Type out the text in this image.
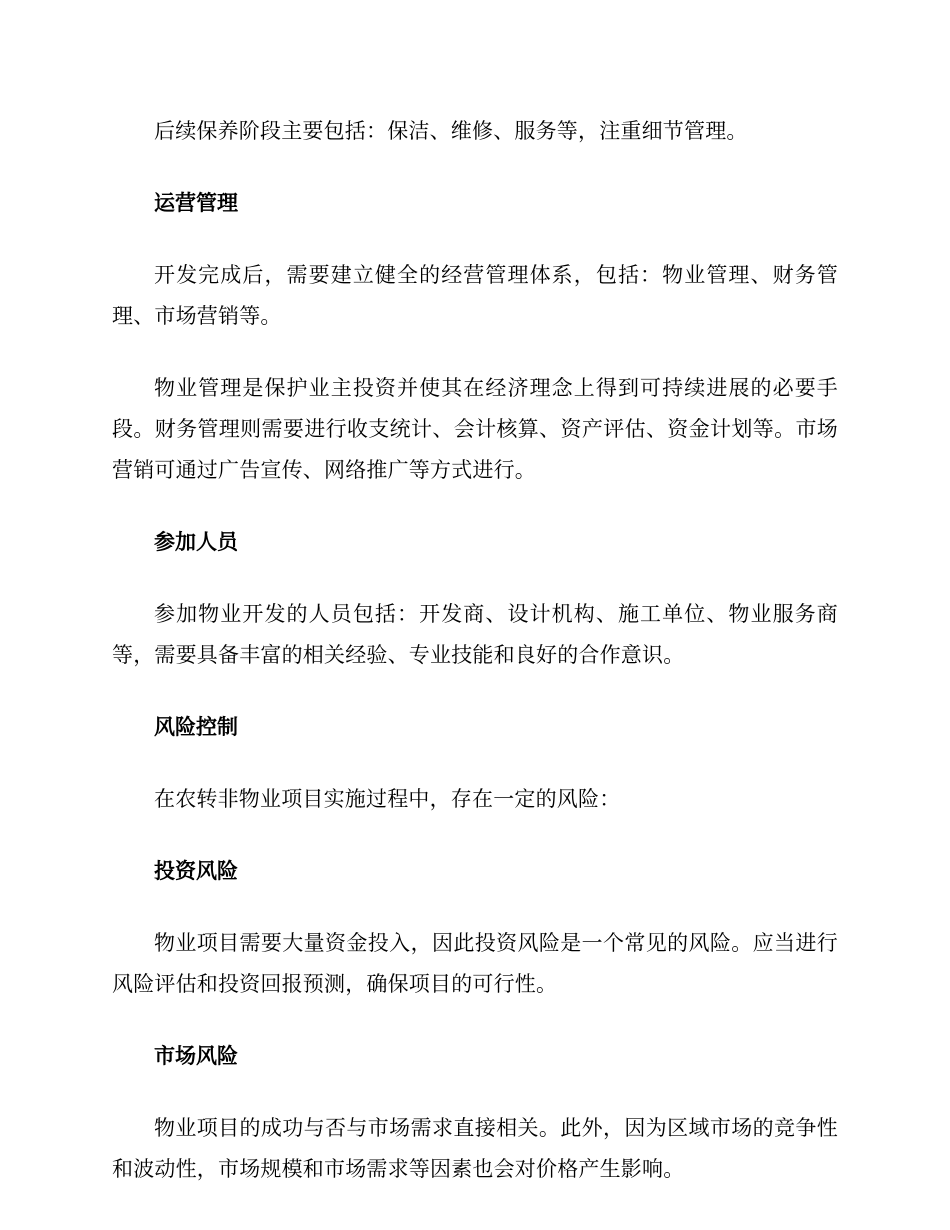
后续保养阶段主要包括：保洁、维修、服务等，注重细节管理。

运营管理

开发完成后，需要建立健全的经营管理体系，包括：物业管理、财务管理、市场营销等。

物业管理是保护业主投资并使其在经济理念上得到可持续进展的必要手段。财务管理则需要进行收支统计、会计核算、资产评估、资金计划等。市场营销可通过广告宣传、网络推广等方式进行。

参加人员

参加物业开发的人员包括：开发商、设计机构、施工单位、物业服务商等，需要具备丰富的相关经验、专业技能和良好的合作意识。

风险控制

在农转非物业项目实施过程中，存在一定的风险：

投资风险

物业项目需要大量资金投入，因此投资风险是一个常见的风险。应当进行风险评估和投资回报预测，确保项目的可行性。

市场风险

物业项目的成功与否与市场需求直接相关。此外，因为区域市场的竞争性和波动性，市场规模和市场需求等因素也会对价格产生影响。
